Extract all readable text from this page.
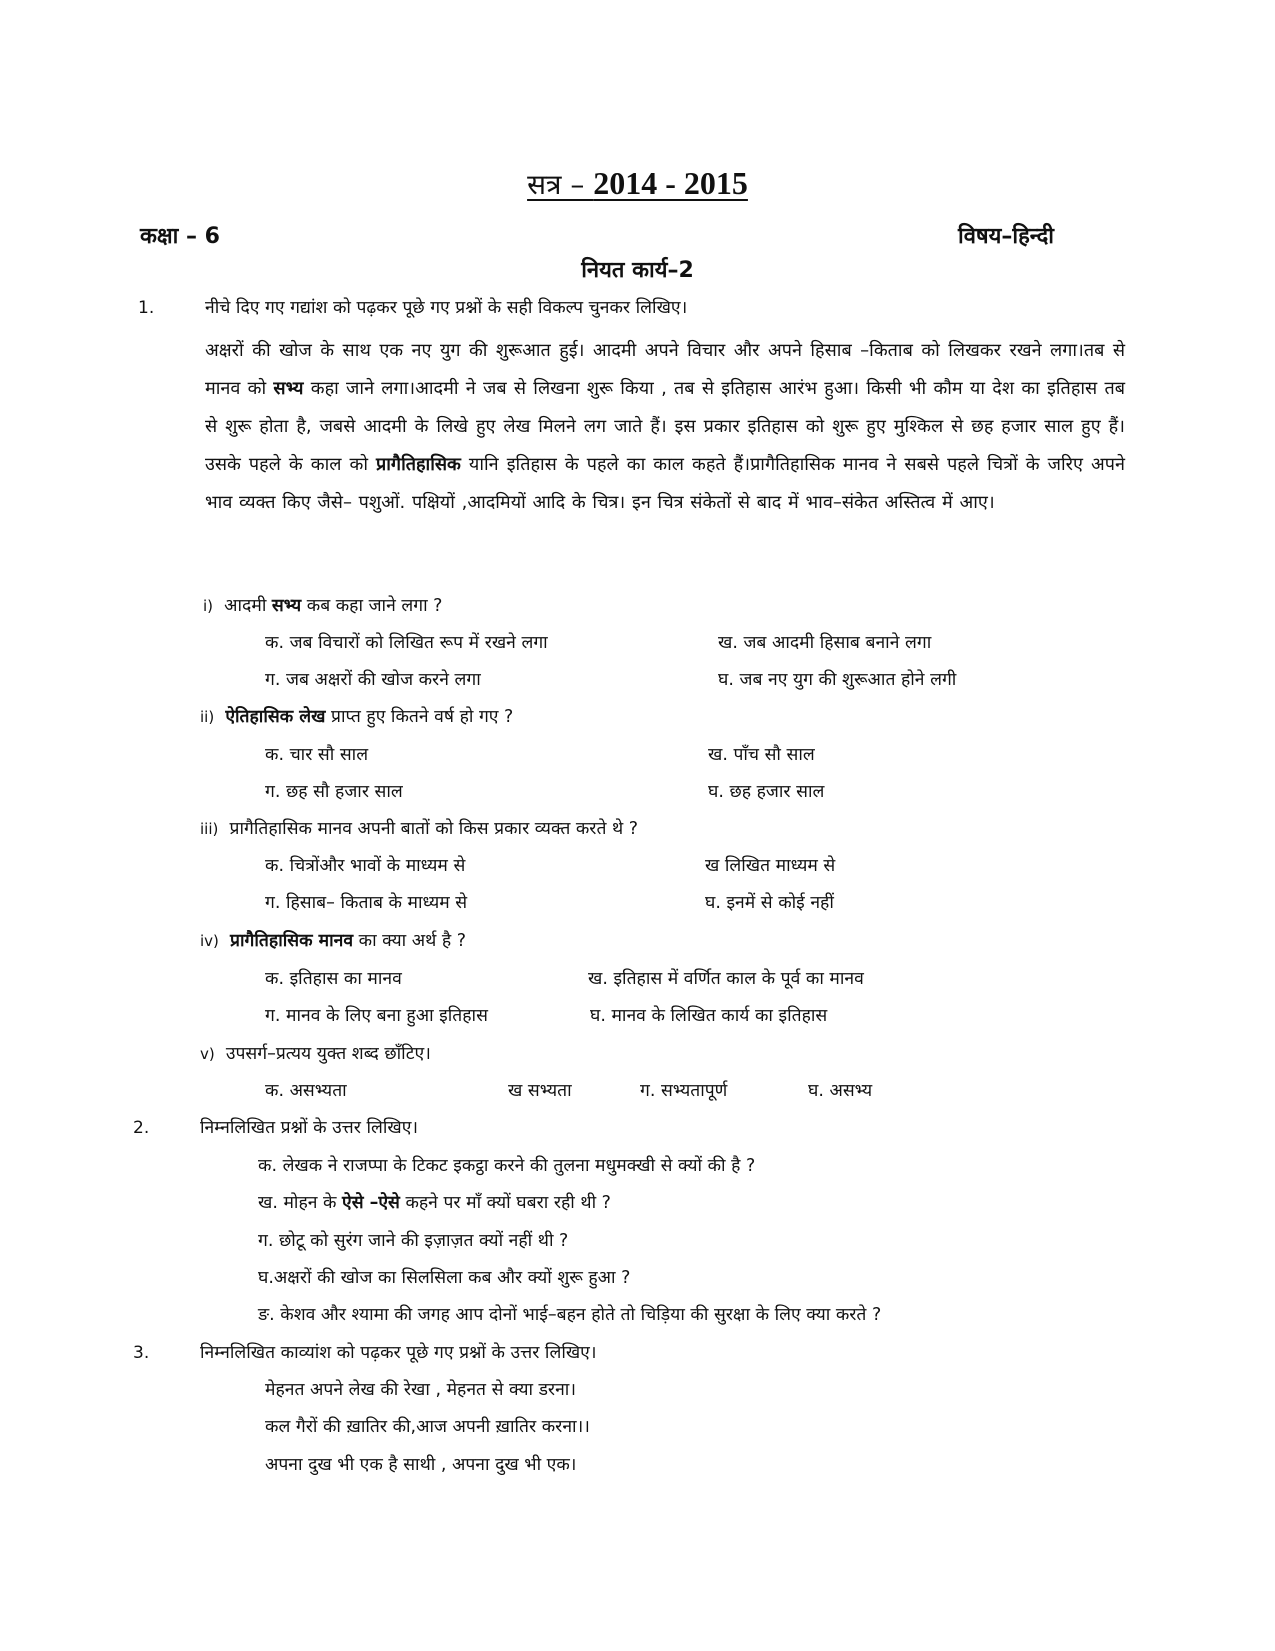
सत्र – 2014 - 2015
कक्षा – 6	विषय–हिन्दी
नियत कार्य–2
1.	नीचे दिए गए गद्यांश को पढ़कर पूछे गए प्रश्नों के सही विकल्प चुनकर लिखिए।
अक्षरों की खोज के साथ एक नए युग की शुरूआत हुई। आदमी अपने विचार और अपने हिसाब –किताब को लिखकर रखने लगा।तब से मानव को सभ्य कहा जाने लगा।आदमी ने जब से लिखना शुरू किया , तब से इतिहास आरंभ हुआ। किसी भी कौम या देश का इतिहास तब से शुरू होता है, जबसे आदमी के लिखे हुए लेख मिलने लग जाते हैं। इस प्रकार इतिहास को शुरू हुए मुश्किल से छह हजार साल हुए हैं। उसके पहले के काल को प्रागैतिहासिक यानि इतिहास के पहले का काल कहते हैं।प्रागैतिहासिक मानव ने सबसे पहले चित्रों के जरिए अपने भाव व्यक्त किए जैसे– पशुओं. पक्षियों ,आदमियों आदि के चित्र। इन चित्र संकेतों से बाद में भाव–संकेत अस्तित्व में आए।
i) आदमी सभ्य कब कहा जाने लगा ?
क. जब विचारों को लिखित रूप में रखने लगा	ख. जब आदमी हिसाब बनाने लगा
ग. जब अक्षरों की खोज करने लगा	घ. जब नए युग की शुरूआत होने लगी
ii) ऐतिहासिक लेख प्राप्त हुए कितने वर्ष हो गए ?
क. चार सौ साल	ख. पाँच सौ साल
ग. छह सौ हजार साल	घ. छह हजार साल
iii) प्रागैतिहासिक मानव अपनी बातों को किस प्रकार व्यक्त करते थे ?
क. चित्रोंऔर भावों के माध्यम से	ख लिखित माध्यम से
ग. हिसाब– किताब के माध्यम से	घ. इनमें से कोई नहीं
iv) प्रागैतिहासिक मानव का क्या अर्थ है ?
क. इतिहास का मानव	ख. इतिहास में वर्णित काल के पूर्व का मानव
ग. मानव के लिए बना हुआ इतिहास	घ. मानव के लिखित कार्य का इतिहास
v) उपसर्ग–प्रत्यय युक्त शब्द छाँटिए।
क. असभ्यता	ख सभ्यता	ग. सभ्यतापूर्ण	घ. असभ्य
2.	निम्नलिखित प्रश्नों के उत्तर लिखिए।
क. लेखक ने राजप्पा के टिकट इकट्ठा करने की तुलना मधुमक्खी से क्यों की है ?
ख. मोहन के ऐसे –ऐसे कहने पर माँ क्यों घबरा रही थी ?
ग. छोटू को सुरंग जाने की इज़ाज़त क्यों नहीं थी ?
घ.अक्षरों की खोज का सिलसिला कब और क्यों शुरू हुआ ?
ङ. केशव और श्यामा की जगह आप दोनों भाई–बहन होते तो चिड़िया की सुरक्षा के लिए क्या करते ?
3.	निम्नलिखित काव्यांश को पढ़कर पूछे गए प्रश्नों के उत्तर लिखिए।
मेहनत अपने लेख की रेखा , मेहनत से क्या डरना।
कल गैरों की ख़ातिर की,आज अपनी ख़ातिर करना।।
अपना दुख भी एक है साथी , अपना दुख भी एक।
